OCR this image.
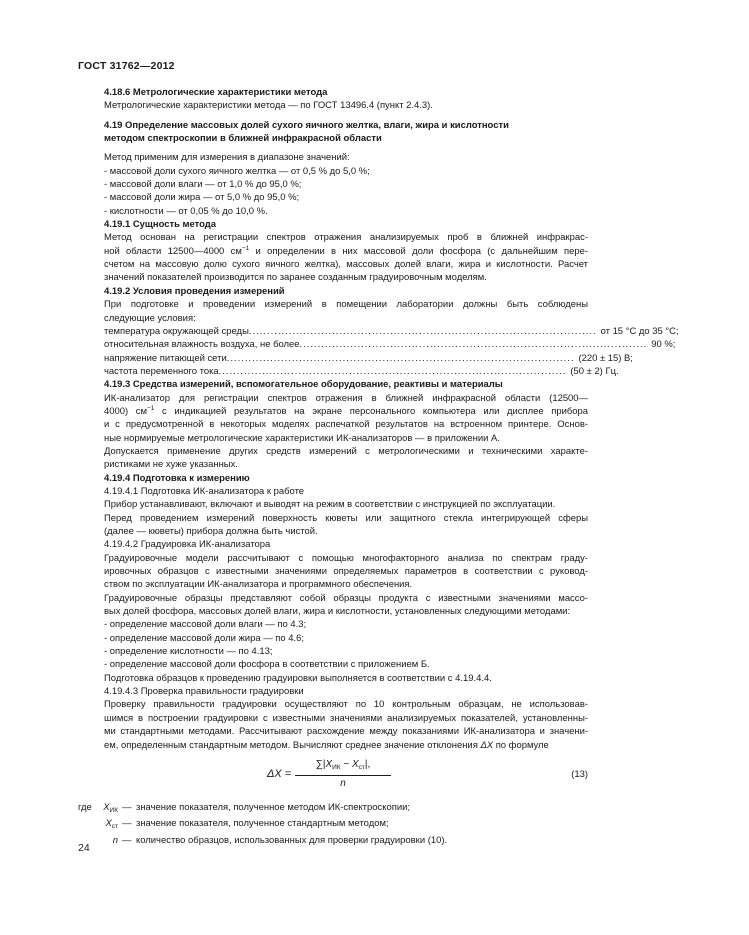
ГОСТ 31762—2012

4.18.6 Метрологические характеристики метода

Метрологические характеристики метода — по ГОСТ 13496.4 (пункт 2.4.3).

4.19 Определение массовых долей сухого яичного желтка, влаги, жира и кислотности

методом спектроскопии в ближней инфракрасной области

Метод применим для измерения в диапазоне значений:

- массовой доли сухого яичного желтка — от 0,5 % до 5,0 %;

- массовой доли влаги — от 1,0 % до 95,0 %;

- массовой доли жира — от 5,0 % до 95,0 %;

- кислотности — от 0,05 % до 10,0 %.

4.19.1 Сущность метода

Метод основан на регистрации спектров отражения анализируемых проб в ближней инфракрас-

ной области 12500—4000 $см^{-1}$ и определении в них массовой доли фосфора (с дальнейшим пере-

счетом на массовую долю сухого яичного желтка), массовых долей влаги, жира и кислотности. Расчет

значений показателей производится по заранее созданным градуировочным моделям.

4.19.2 Условия проведения измерений

При подготовке и проведении измерений в помещении лаборатории должны быть соблюдены

следующие условия:

температура окружающей среды ................................................................................................ от 15 °С до 35 °С;
относительная влажность воздуха, не более ................................................................................................ 90 %;
напряжение питающей сети ................................................................................................ (220 ± 15) В;
частота переменного тока ................................................................................................ (50 ± 2) Гц.

4.19.3 Средства измерений, вспомогательное оборудование, реактивы и материалы

ИК-анализатор для регистрации спектров отражения в ближней инфракрасной области (12500—

4000) $см^{-1}$ с индикацией результатов на экране персонального компьютера или дисплее прибора

и с предусмотренной в некоторых моделях распечаткой результатов на встроенном принтере. Основ-

ные нормируемые метрологические характеристики ИК-анализаторов — в приложении А.

Допускается применение других средств измерений с метрологическими и техническими характе-

ристиками не хуже указанных.

4.19.4 Подготовка к измерению

4.19.4.1 Подготовка ИК-анализатора к работе

Прибор устанавливают, включают и выводят на режим в соответствии с инструкцией по эксплуатации.

Перед проведением измерений поверхность кюветы или защитного стекла интегрирующей сферы

(далее — кюветы) прибора должна быть чистой.

4.19.4.2 Градуировка ИК-анализатора

Градуировочные модели рассчитывают с помощью многофакторного анализа по спектрам граду-

ировочных образцов с известными значениями определяемых параметров в соответствии с руковод-

ством по эксплуатации ИК-анализатора и программного обеспечения.

Градуировочные образцы представляют собой образцы продукта с известными значениями массо-

вых долей фосфора, массовых долей влаги, жира и кислотности, установленных следующими методами:

- определение массовой доли влаги — по 4.3;

- определение массовой доли жира — по 4.6;

- определение кислотности — по 4.13;

- определение массовой доли фосфора в соответствии с приложением Б.

Подготовка образцов к проведению градуировки выполняется в соответствии с 4.19.4.4.

4.19.4.3 Проверка правильности градуировки

Проверку правильности градуировки осуществляют по 10 контрольным образцам, не использовав-

шимся в построении градуировки с известными значениями анализируемых показателей, установленны-

ми стандартными методами. Рассчитывают расхождение между показаниями ИК-анализатора и значени-

ем, определенным стандартным методом. Вычисляют среднее значение отклонения ΔX по формуле

ΔX =
$\sum|X_{ИК} - X_{ст}|$,
n
(13)
где	$X_{ИК}$ — значение показателя, полученное методом ИК-спектроскопии;
$X_{ст}$ — значение показателя, полученное стандартным методом;
n — количество образцов, использованных для проверки градуировки (10).
24
